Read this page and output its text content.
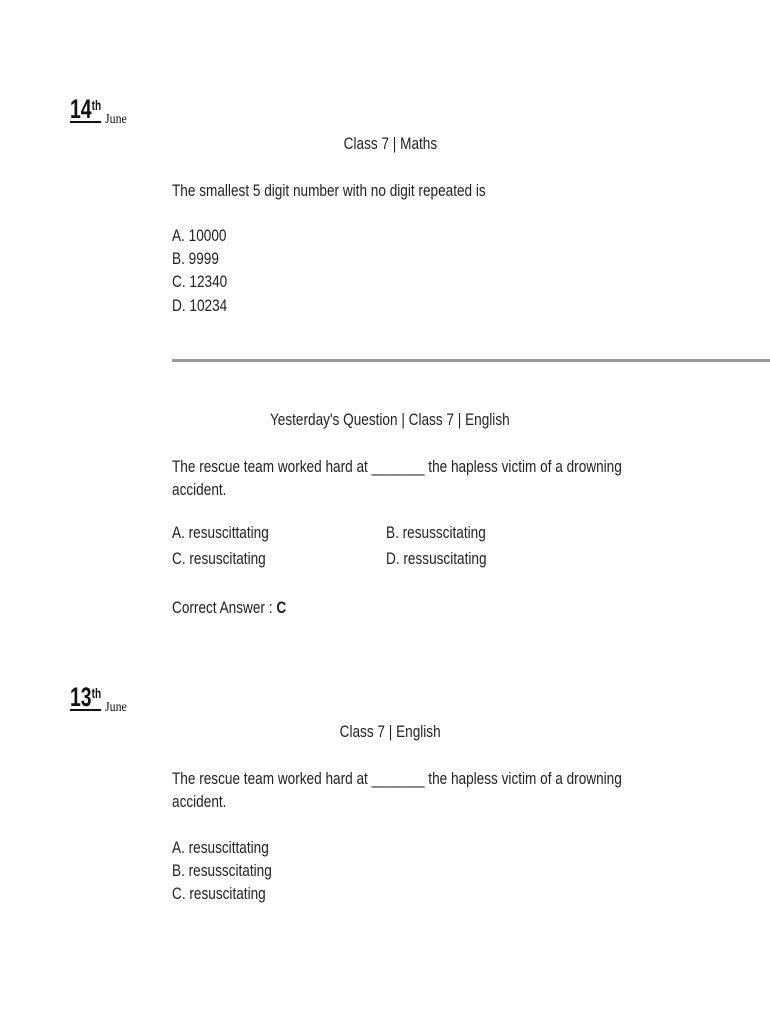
14th
June
Class 7 | Maths
The smallest 5 digit number with no digit repeated is
A. 10000
B. 9999
C. 12340
D. 10234
Yesterday's Question | Class 7 | English
The rescue team worked hard at _______ the hapless victim of a drowning
accident.
A. resuscittating	B. resusscitating
C. resuscitating	D. ressuscitating
Correct Answer : C
13th
June
Class 7 | English
The rescue team worked hard at _______ the hapless victim of a drowning
accident.
A. resuscittating
B. resusscitating
C. resuscitating
